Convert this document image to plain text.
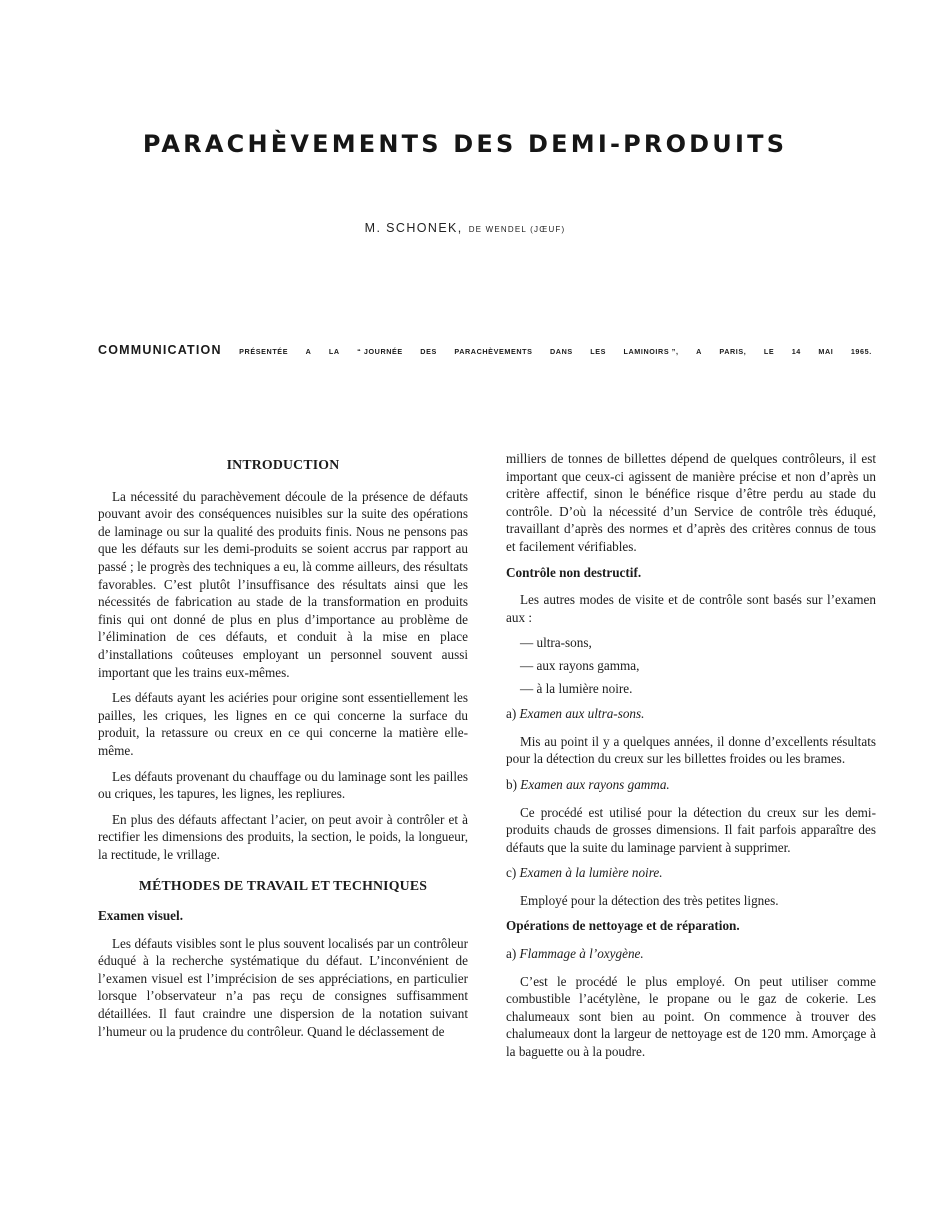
PARACHÈVEMENTS DES DEMI-PRODUITS
M. SCHONEK, DE WENDEL (JŒUF)
COMMUNICATION PRÉSENTÉE A LA “ JOURNÉE DES PARACHÈVEMENTS DANS LES LAMINOIRS ”, A PARIS, LE 14 MAI 1965.
INTRODUCTION

La nécessité du parachèvement découle de la présence de défauts pouvant avoir des conséquences nuisibles sur la suite des opérations de laminage ou sur la qualité des produits finis. Nous ne pensons pas que les défauts sur les demi-produits se soient accrus par rapport au passé ; le progrès des techniques a eu, là comme ailleurs, des résultats favorables. C’est plutôt l’insuffisance des résultats ainsi que les nécessités de fabrication au stade de la transformation en produits finis qui ont donné de plus en plus d’importance au problème de l’élimination de ces défauts, et conduit à la mise en place d’installations coûteuses employant un personnel souvent aussi important que les trains eux-mêmes.

Les défauts ayant les aciéries pour origine sont essentiellement les pailles, les criques, les lignes en ce qui concerne la surface du produit, la retassure ou creux en ce qui concerne la matière elle-même.

Les défauts provenant du chauffage ou du laminage sont les pailles ou criques, les tapures, les lignes, les repliures.

En plus des défauts affectant l’acier, on peut avoir à contrôler et à rectifier les dimensions des produits, la section, le poids, la longueur, la rectitude, le vrillage.

MÉTHODES DE TRAVAIL ET TECHNIQUES
Examen visuel.

Les défauts visibles sont le plus souvent localisés par un contrôleur éduqué à la recherche systématique du défaut. L’inconvénient de l’examen visuel est l’imprécision de ses appréciations, en particulier lorsque l’observateur n’a pas reçu de consignes suffisamment détaillées. Il faut craindre une dispersion de la notation suivant l’humeur ou la prudence du contrôleur. Quand le déclassement de

milliers de tonnes de billettes dépend de quelques contrôleurs, il est important que ceux-ci agissent de manière précise et non d’après un critère affectif, sinon le bénéfice risque d’être perdu au stade du contrôle. D’où la nécessité d’un Service de contrôle très éduqué, travaillant d’après des normes et d’après des critères connus de tous et facilement vérifiables.

Contrôle non destructif.

Les autres modes de visite et de contrôle sont basés sur l’examen aux :

— ultra-sons,
— aux rayons gamma,
— à la lumière noire.
a) Examen aux ultra-sons.

Mis au point il y a quelques années, il donne d’excellents résultats pour la détection du creux sur les billettes froides ou les brames.

b) Examen aux rayons gamma.

Ce procédé est utilisé pour la détection du creux sur les demi-produits chauds de grosses dimensions. Il fait parfois apparaître des défauts que la suite du laminage parvient à supprimer.

c) Examen à la lumière noire.

Employé pour la détection des très petites lignes.

Opérations de nettoyage et de réparation.
a) Flammage à l’oxygène.

C’est le procédé le plus employé. On peut utiliser comme combustible l’acétylène, le propane ou le gaz de cokerie. Les chalumeaux sont bien au point. On commence à trouver des chalumeaux dont la largeur de nettoyage est de 120 mm. Amorçage à la baguette ou à la poudre.
